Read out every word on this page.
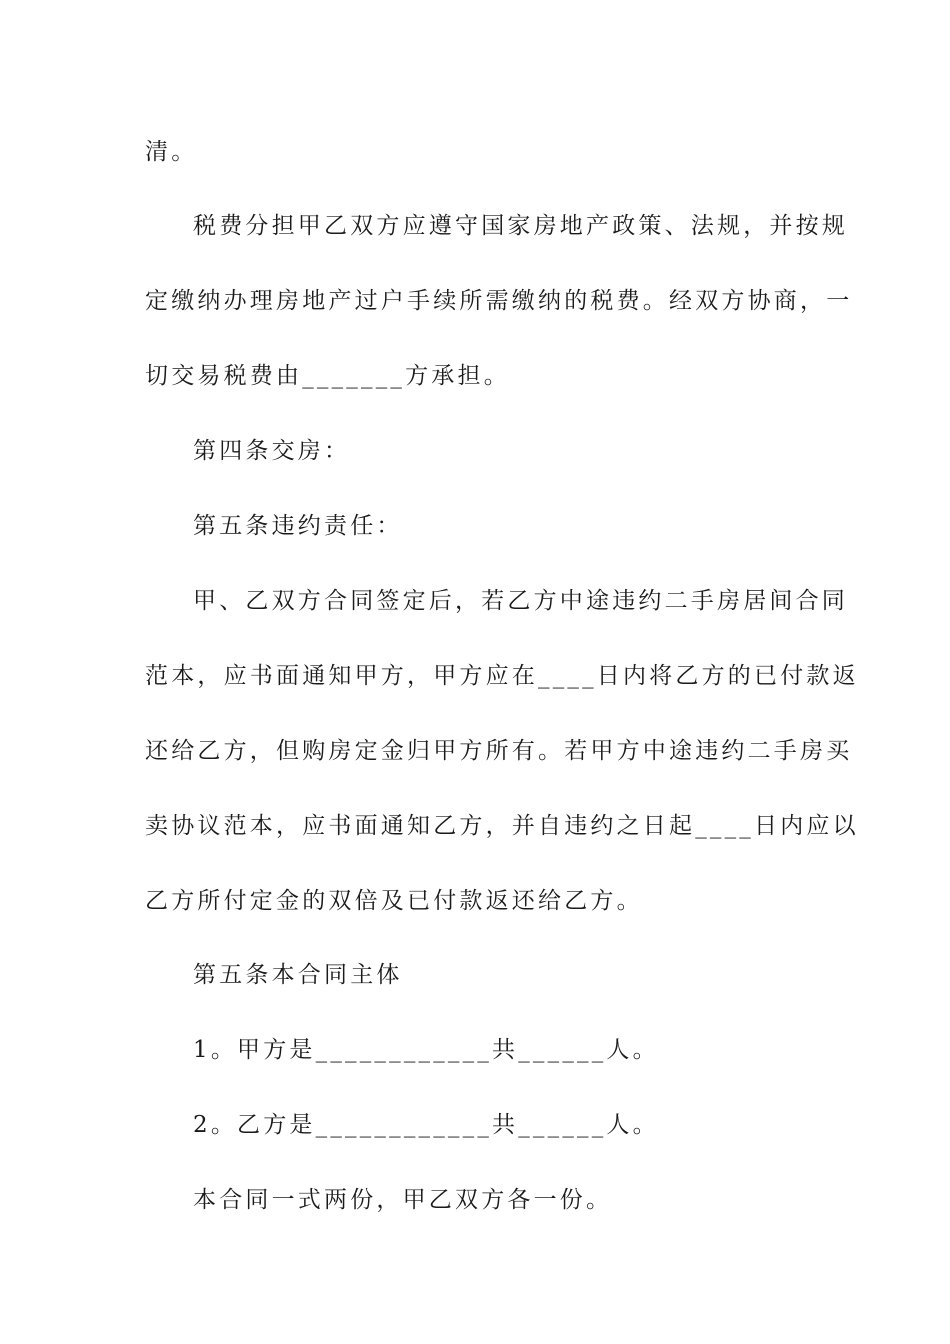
清。
税费分担甲乙双方应遵守国家房地产政策、法规，并按规
定缴纳办理房地产过户手续所需缴纳的税费。经双方协商，一
切交易税费由_______方承担。
第四条交房：
第五条违约责任：
甲、乙双方合同签定后，若乙方中途违约二手房居间合同
范本，应书面通知甲方，甲方应在____日内将乙方的已付款返
还给乙方，但购房定金归甲方所有。若甲方中途违约二手房买
卖协议范本，应书面通知乙方，并自违约之日起____日内应以
乙方所付定金的双倍及已付款返还给乙方。
第五条本合同主体
1。甲方是____________共______人。
2。乙方是____________共______人。
本合同一式两份，甲乙双方各一份。
